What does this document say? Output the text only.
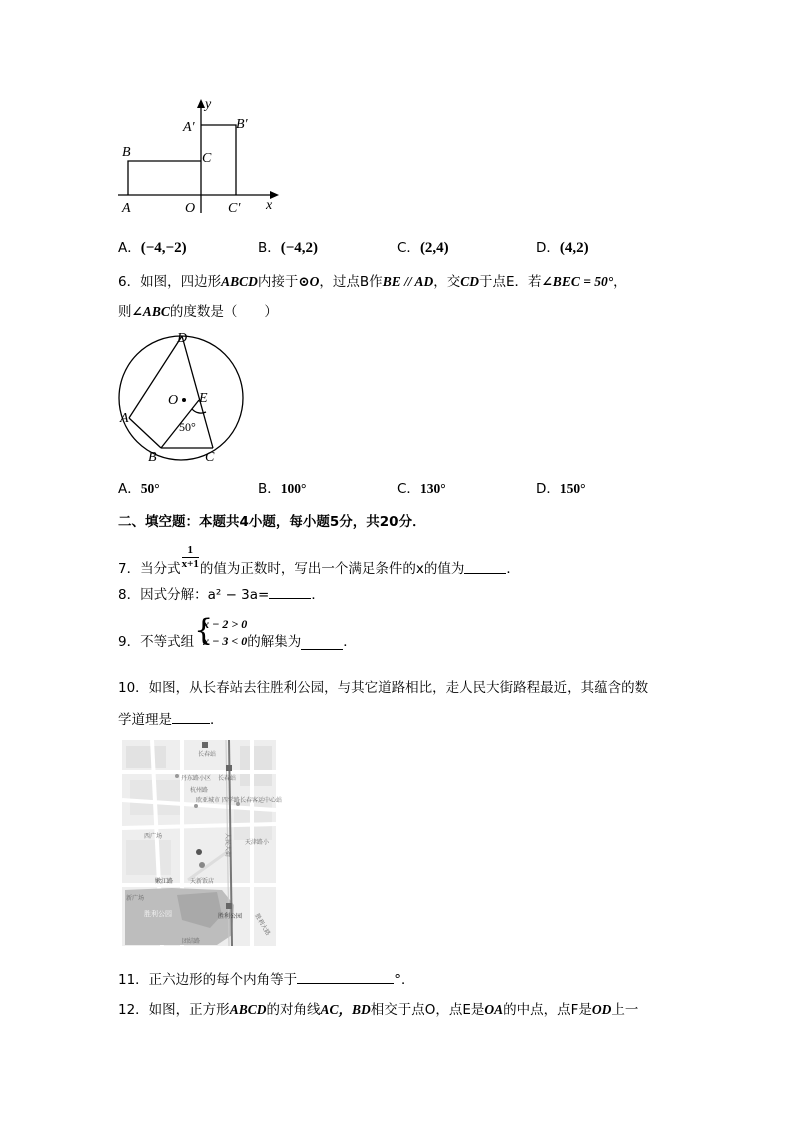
y
x
A′	B′
B	C
A	O C′
A．(−4,−2)	B．(−4,2)	C．(2,4)	D．(4,2)
6．如图，四边形ABCD内接于⊙O，过点B作BE // AD，交CD于点E．若∠BEC = 50°，
则∠ABC的度数是（　　）
D
O E
A
50°
B	C
A．50°	B．100°	C．130°	D．150°
二、填空题：本题共4小题，每小题5分，共20分．
7．当分式 $\frac{1}{x+1}$ 的值为正数时，写出一个满足条件的x的值为	．
8．因式分解：a² − 3a=	．
9．不等式组 {
x − 2 > 0
x − 3 < 0 的解集为	．
10．如图，从长春站去往胜利公园，与其它道路相比，走人民大街路程最近，其蕴含的数
学道理是	．
长春站
长春站
丹东路小区
杭州路
欧亚城市 四学路 长春客运中心站
人民大街
西广场
天津路小
嫩江路	天新饭店
胜利公园	胜利公园
新广场
团结路
胜利大路
11．正六边形的每个内角等于	°．
12．如图，正方形ABCD的对角线AC，BD相交于点O，点E是OA的中点，点F是OD上一
